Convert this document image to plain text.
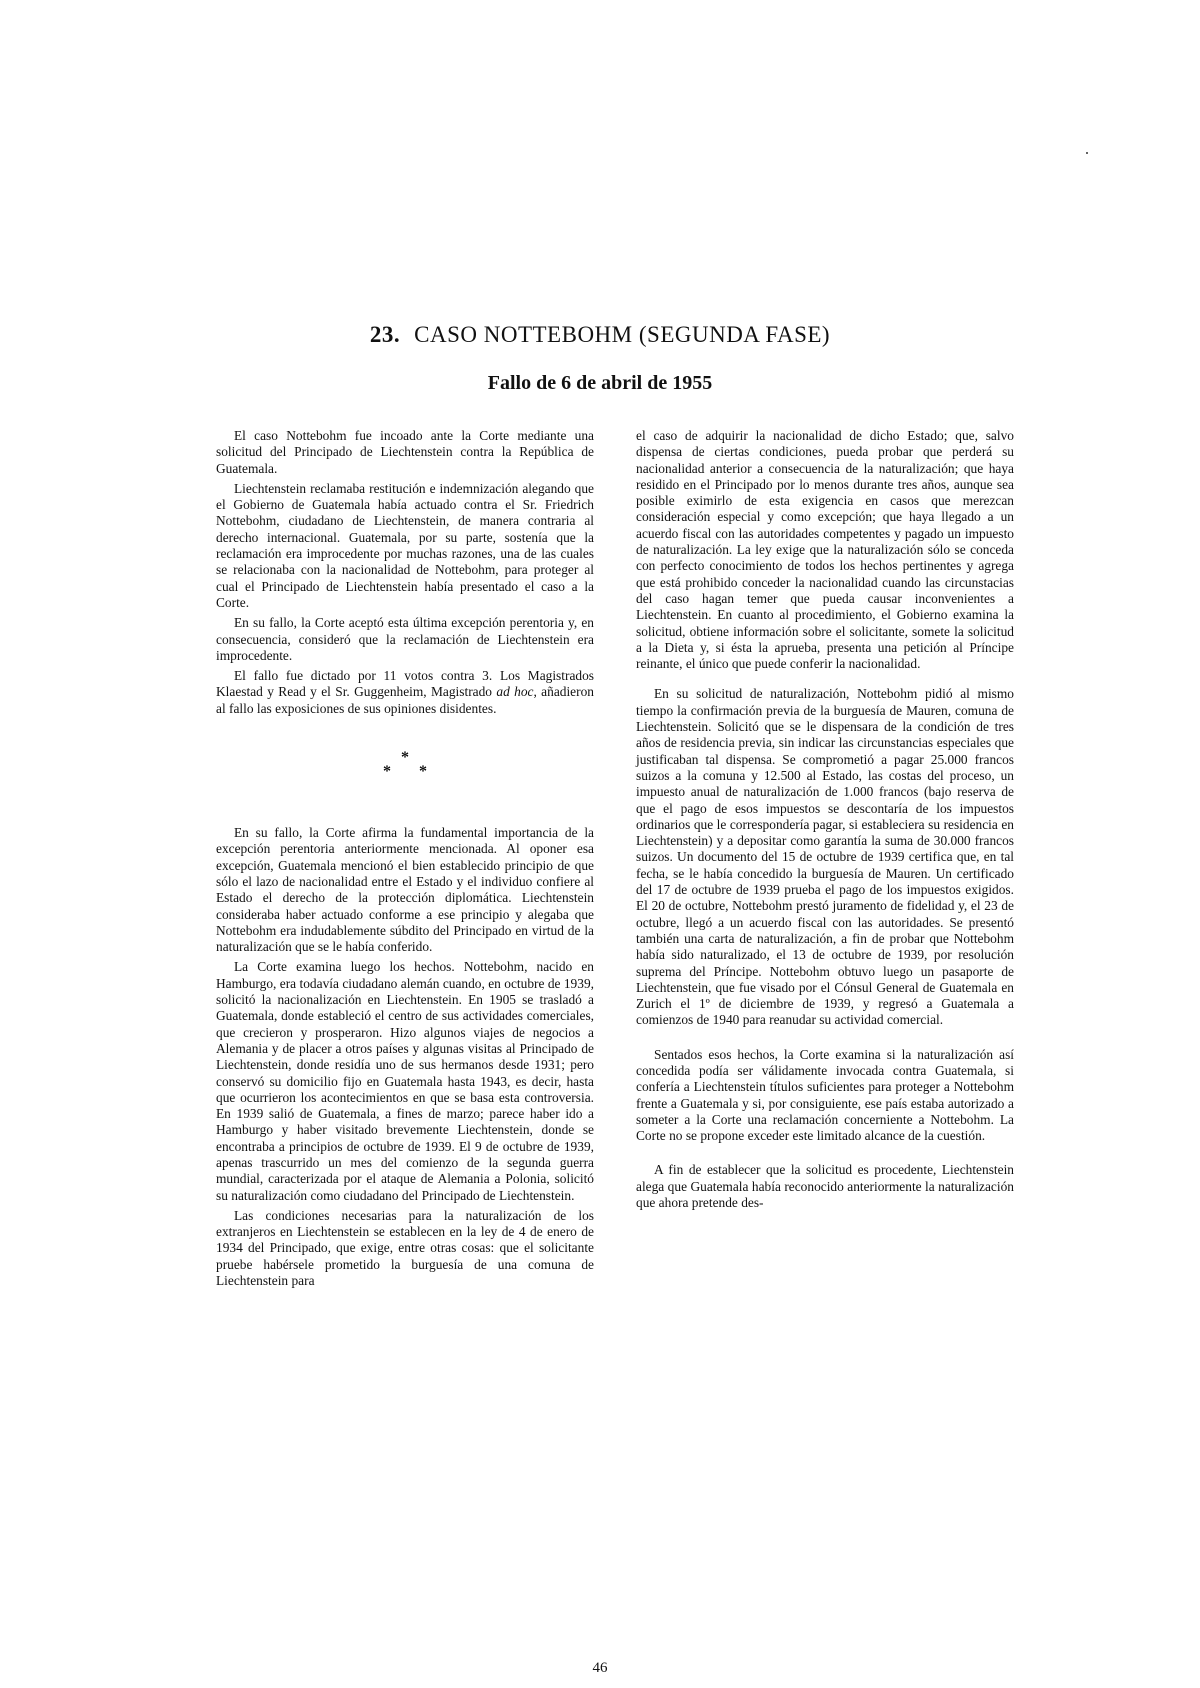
23. CASO NOTTEBOHM (SEGUNDA FASE)
Fallo de 6 de abril de 1955

El caso Nottebohm fue incoado ante la Corte mediante una solicitud del Principado de Liechtenstein contra la República de Guatemala.

Liechtenstein reclamaba restitución e indemnización alegando que el Gobierno de Guatemala había actuado contra el Sr. Friedrich Nottebohm, ciudadano de Liechtenstein, de manera contraria al derecho internacional. Guatemala, por su parte, sostenía que la reclamación era improcedente por muchas razones, una de las cuales se relacionaba con la nacionalidad de Nottebohm, para proteger al cual el Principado de Liechtenstein había presentado el caso a la Corte.

En su fallo, la Corte aceptó esta última excepción perentoria y, en consecuencia, consideró que la reclamación de Liechtenstein era improcedente.

El fallo fue dictado por 11 votos contra 3. Los Magistrados Klaestad y Read y el Sr. Guggenheim, Magistrado ad hoc, añadieron al fallo las exposiciones de sus opiniones disidentes.

*
**

En su fallo, la Corte afirma la fundamental importancia de la excepción perentoria anteriormente mencionada. Al oponer esa excepción, Guatemala mencionó el bien establecido principio de que sólo el lazo de nacionalidad entre el Estado y el individuo confiere al Estado el derecho de la protección diplomática. Liechtenstein consideraba haber actuado conforme a ese principio y alegaba que Nottebohm era indudablemente súbdito del Principado en virtud de la naturalización que se le había conferido.

La Corte examina luego los hechos. Nottebohm, nacido en Hamburgo, era todavía ciudadano alemán cuando, en octubre de 1939, solicitó la nacionalización en Liechtenstein. En 1905 se trasladó a Guatemala, donde estableció el centro de sus actividades comerciales, que crecieron y prosperaron. Hizo algunos viajes de negocios a Alemania y de placer a otros países y algunas visitas al Principado de Liechtenstein, donde residía uno de sus hermanos desde 1931; pero conservó su domicilio fijo en Guatemala hasta 1943, es decir, hasta que ocurrieron los acontecimientos en que se basa esta controversia. En 1939 salió de Guatemala, a fines de marzo; parece haber ido a Hamburgo y haber visitado brevemente Liechtenstein, donde se encontraba a principios de octubre de 1939. El 9 de octubre de 1939, apenas trascurrido un mes del comienzo de la segunda guerra mundial, caracterizada por el ataque de Alemania a Polonia, solicitó su naturalización como ciudadano del Principado de Liechtenstein.

Las condiciones necesarias para la naturalización de los extranjeros en Liechtenstein se establecen en la ley de 4 de enero de 1934 del Principado, que exige, entre otras cosas: que el solicitante pruebe habérsele prometido la burguesía de una comuna de Liechtenstein para

el caso de adquirir la nacionalidad de dicho Estado; que, salvo dispensa de ciertas condiciones, pueda probar que perderá su nacionalidad anterior a consecuencia de la naturalización; que haya residido en el Principado por lo menos durante tres años, aunque sea posible eximirlo de esta exigencia en casos que merezcan consideración especial y como excepción; que haya llegado a un acuerdo fiscal con las autoridades competentes y pagado un impuesto de naturalización. La ley exige que la naturalización sólo se conceda con perfecto conocimiento de todos los hechos pertinentes y agrega que está prohibido conceder la nacionalidad cuando las circunstacias del caso hagan temer que pueda causar inconvenientes a Liechtenstein. En cuanto al procedimiento, el Gobierno examina la solicitud, obtiene información sobre el solicitante, somete la solicitud a la Dieta y, si ésta la aprueba, presenta una petición al Príncipe reinante, el único que puede conferir la nacionalidad.

En su solicitud de naturalización, Nottebohm pidió al mismo tiempo la confirmación previa de la burguesía de Mauren, comuna de Liechtenstein. Solicitó que se le dispensara de la condición de tres años de residencia previa, sin indicar las circunstancias especiales que justificaban tal dispensa. Se comprometió a pagar 25.000 francos suizos a la comuna y 12.500 al Estado, las costas del proceso, un impuesto anual de naturalización de 1.000 francos (bajo reserva de que el pago de esos impuestos se descontaría de los impuestos ordinarios que le correspondería pagar, si estableciera su residencia en Liechtenstein) y a depositar como garantía la suma de 30.000 francos suizos. Un documento del 15 de octubre de 1939 certifica que, en tal fecha, se le había concedido la burguesía de Mauren. Un certificado del 17 de octubre de 1939 prueba el pago de los impuestos exigidos. El 20 de octubre, Nottebohm prestó juramento de fidelidad y, el 23 de octubre, llegó a un acuerdo fiscal con las autoridades. Se presentó también una carta de naturalización, a fin de probar que Nottebohm había sido naturalizado, el 13 de octubre de 1939, por resolución suprema del Príncipe. Nottebohm obtuvo luego un pasaporte de Liechtenstein, que fue visado por el Cónsul General de Guatemala en Zurich el 1º de diciembre de 1939, y regresó a Guatemala a comienzos de 1940 para reanudar su actividad comercial.

Sentados esos hechos, la Corte examina si la naturalización así concedida podía ser válidamente invocada contra Guatemala, si confería a Liechtenstein títulos suficientes para proteger a Nottebohm frente a Guatemala y si, por consiguiente, ese país estaba autorizado a someter a la Corte una reclamación concerniente a Nottebohm. La Corte no se propone exceder este limitado alcance de la cuestión.

A fin de establecer que la solicitud es procedente, Liechtenstein alega que Guatemala había reconocido anteriormente la naturalización que ahora pretende des-

46
